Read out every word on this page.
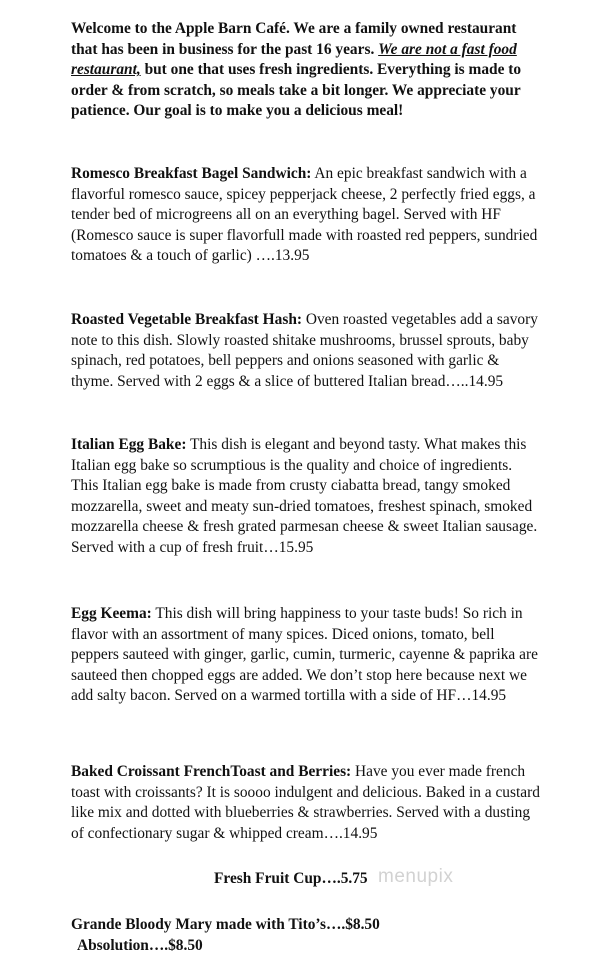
Welcome to the Apple Barn Café. We are a family owned restaurant that has been in business for the past 16 years. We are not a fast food restaurant, but one that uses fresh ingredients. Everything is made to order & from scratch, so meals take a bit longer. We appreciate your patience. Our goal is to make you a delicious meal!

Romesco Breakfast Bagel Sandwich: An epic breakfast sandwich with a flavorful romesco sauce, spicey pepperjack cheese, 2 perfectly fried eggs, a tender bed of microgreens all on an everything bagel. Served with HF (Romesco sauce is super flavorfull made with roasted red peppers, sundried tomatoes & a touch of garlic) ….13.95

Roasted Vegetable Breakfast Hash: Oven roasted vegetables add a savory note to this dish. Slowly roasted shitake mushrooms, brussel sprouts, baby spinach, red potatoes, bell peppers and onions seasoned with garlic & thyme. Served with 2 eggs & a slice of buttered Italian bread…..14.95

Italian Egg Bake: This dish is elegant and beyond tasty. What makes this Italian egg bake so scrumptious is the quality and choice of ingredients. This Italian egg bake is made from crusty ciabatta bread, tangy smoked mozzarella, sweet and meaty sun-dried tomatoes, freshest spinach, smoked mozzarella cheese & fresh grated parmesan cheese & sweet Italian sausage. Served with a cup of fresh fruit…15.95

Egg Keema: This dish will bring happiness to your taste buds! So rich in flavor with an assortment of many spices. Diced onions, tomato, bell peppers sauteed with ginger, garlic, cumin, turmeric, cayenne & paprika are sauteed then chopped eggs are added. We don’t stop here because next we add salty bacon. Served on a warmed tortilla with a side of HF…14.95

Baked Croissant FrenchToast and Berries: Have you ever made french toast with croissants? It is soooo indulgent and delicious. Baked in a custard like mix and dotted with blueberries & strawberries. Served with a dusting of confectionary sugar & whipped cream….14.95

Fresh Fruit Cup….5.75 menupix
Grande Bloody Mary made with Tito’s….$8.50
Absolution….$8.50
